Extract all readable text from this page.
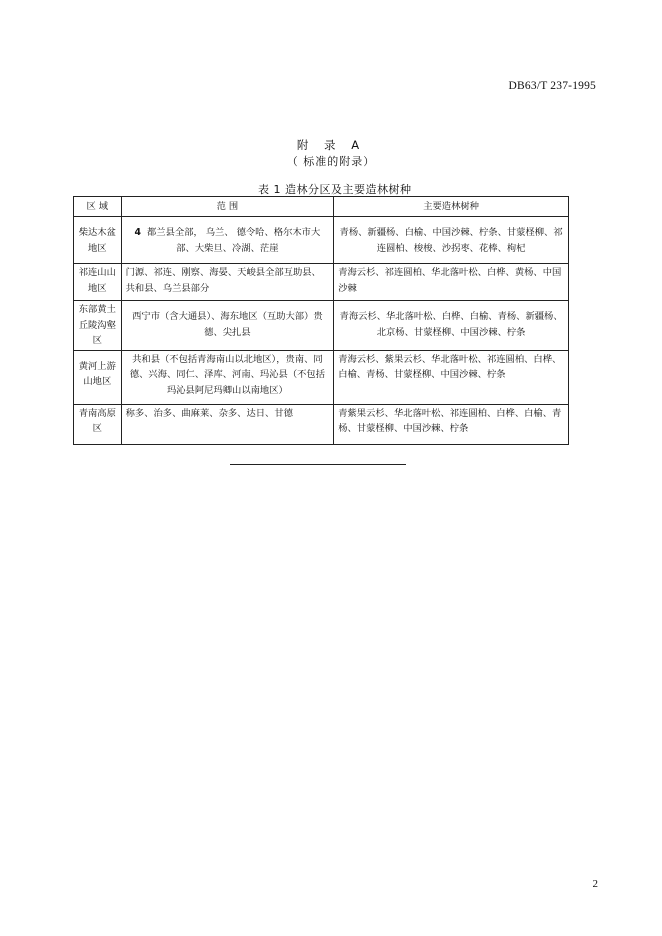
DB63/T 237-1995
附 录 A
（ 标准的附录）
表 1 造林分区及主要造林树种
区 域	范 围	主要造林树种
柴达木盆地区	4 都兰县全部， 乌兰、 德令哈、格尔木市大部、大柴旦、冷湖、茫崖	青杨、新疆杨、白榆、中国沙棘、柠条、甘蒙柽柳、祁连圆柏、梭梭、沙拐枣、花棒、枸杞
祁连山山地区	门源、祁连、刚察、海晏、天峻县全部互助县、共和县、乌兰县部分	青海云杉、祁连圆柏、华北落叶松、白桦、黄杨、中国沙棘
东部黄土丘陵沟壑区	西宁市（含大通县）、海东地区（互助大部）贵德、尖扎县	青海云杉、华北落叶松、白桦、白榆、青杨、新疆杨、北京杨、甘蒙柽柳、中国沙棘、柠条
黄河上游山地区	共和县（不包括青海南山以北地区），贵南、同德、兴海、同仁、泽库、河南、玛沁县（不包括玛沁县阿尼玛卿山以南地区）	青海云杉、紫果云杉、华北落叶松、祁连圆柏、白桦、白榆、青杨、甘蒙柽柳、中国沙棘、柠条
青南高原区	称多、治多、曲麻莱、杂多、达日、甘德	青紫果云杉、华北落叶松、祁连圆柏、白桦、白榆、青杨、甘蒙柽柳、中国沙棘、柠条
2
